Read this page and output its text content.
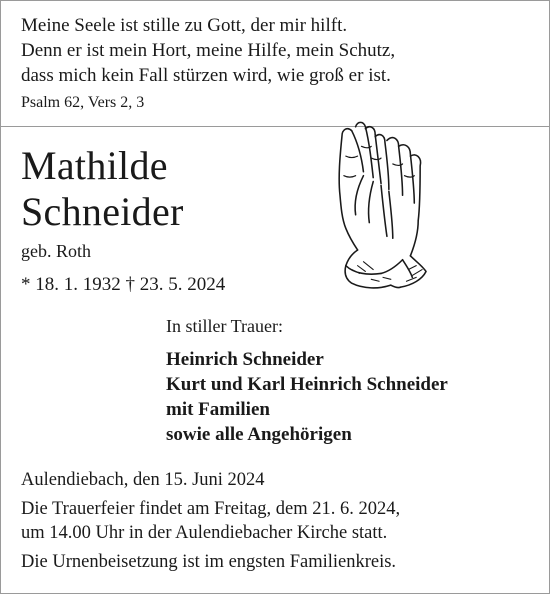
Meine Seele ist stille zu Gott, der mir hilft.
Denn er ist mein Hort, meine Hilfe, mein Schutz,
dass mich kein Fall stürzen wird, wie groß er ist.
Psalm 62, Vers 2, 3
Mathilde
Schneider
geb. Roth
* 18. 1. 1932 † 23. 5. 2024
In stiller Trauer:
Heinrich Schneider
Kurt und Karl Heinrich Schneider
mit Familien
sowie alle Angehörigen
Aulendiebach, den 15. Juni 2024
Die Trauerfeier findet am Freitag, dem 21. 6. 2024,
um 14.00 Uhr in der Aulendiebacher Kirche statt.
Die Urnenbeisetzung ist im engsten Familienkreis.
